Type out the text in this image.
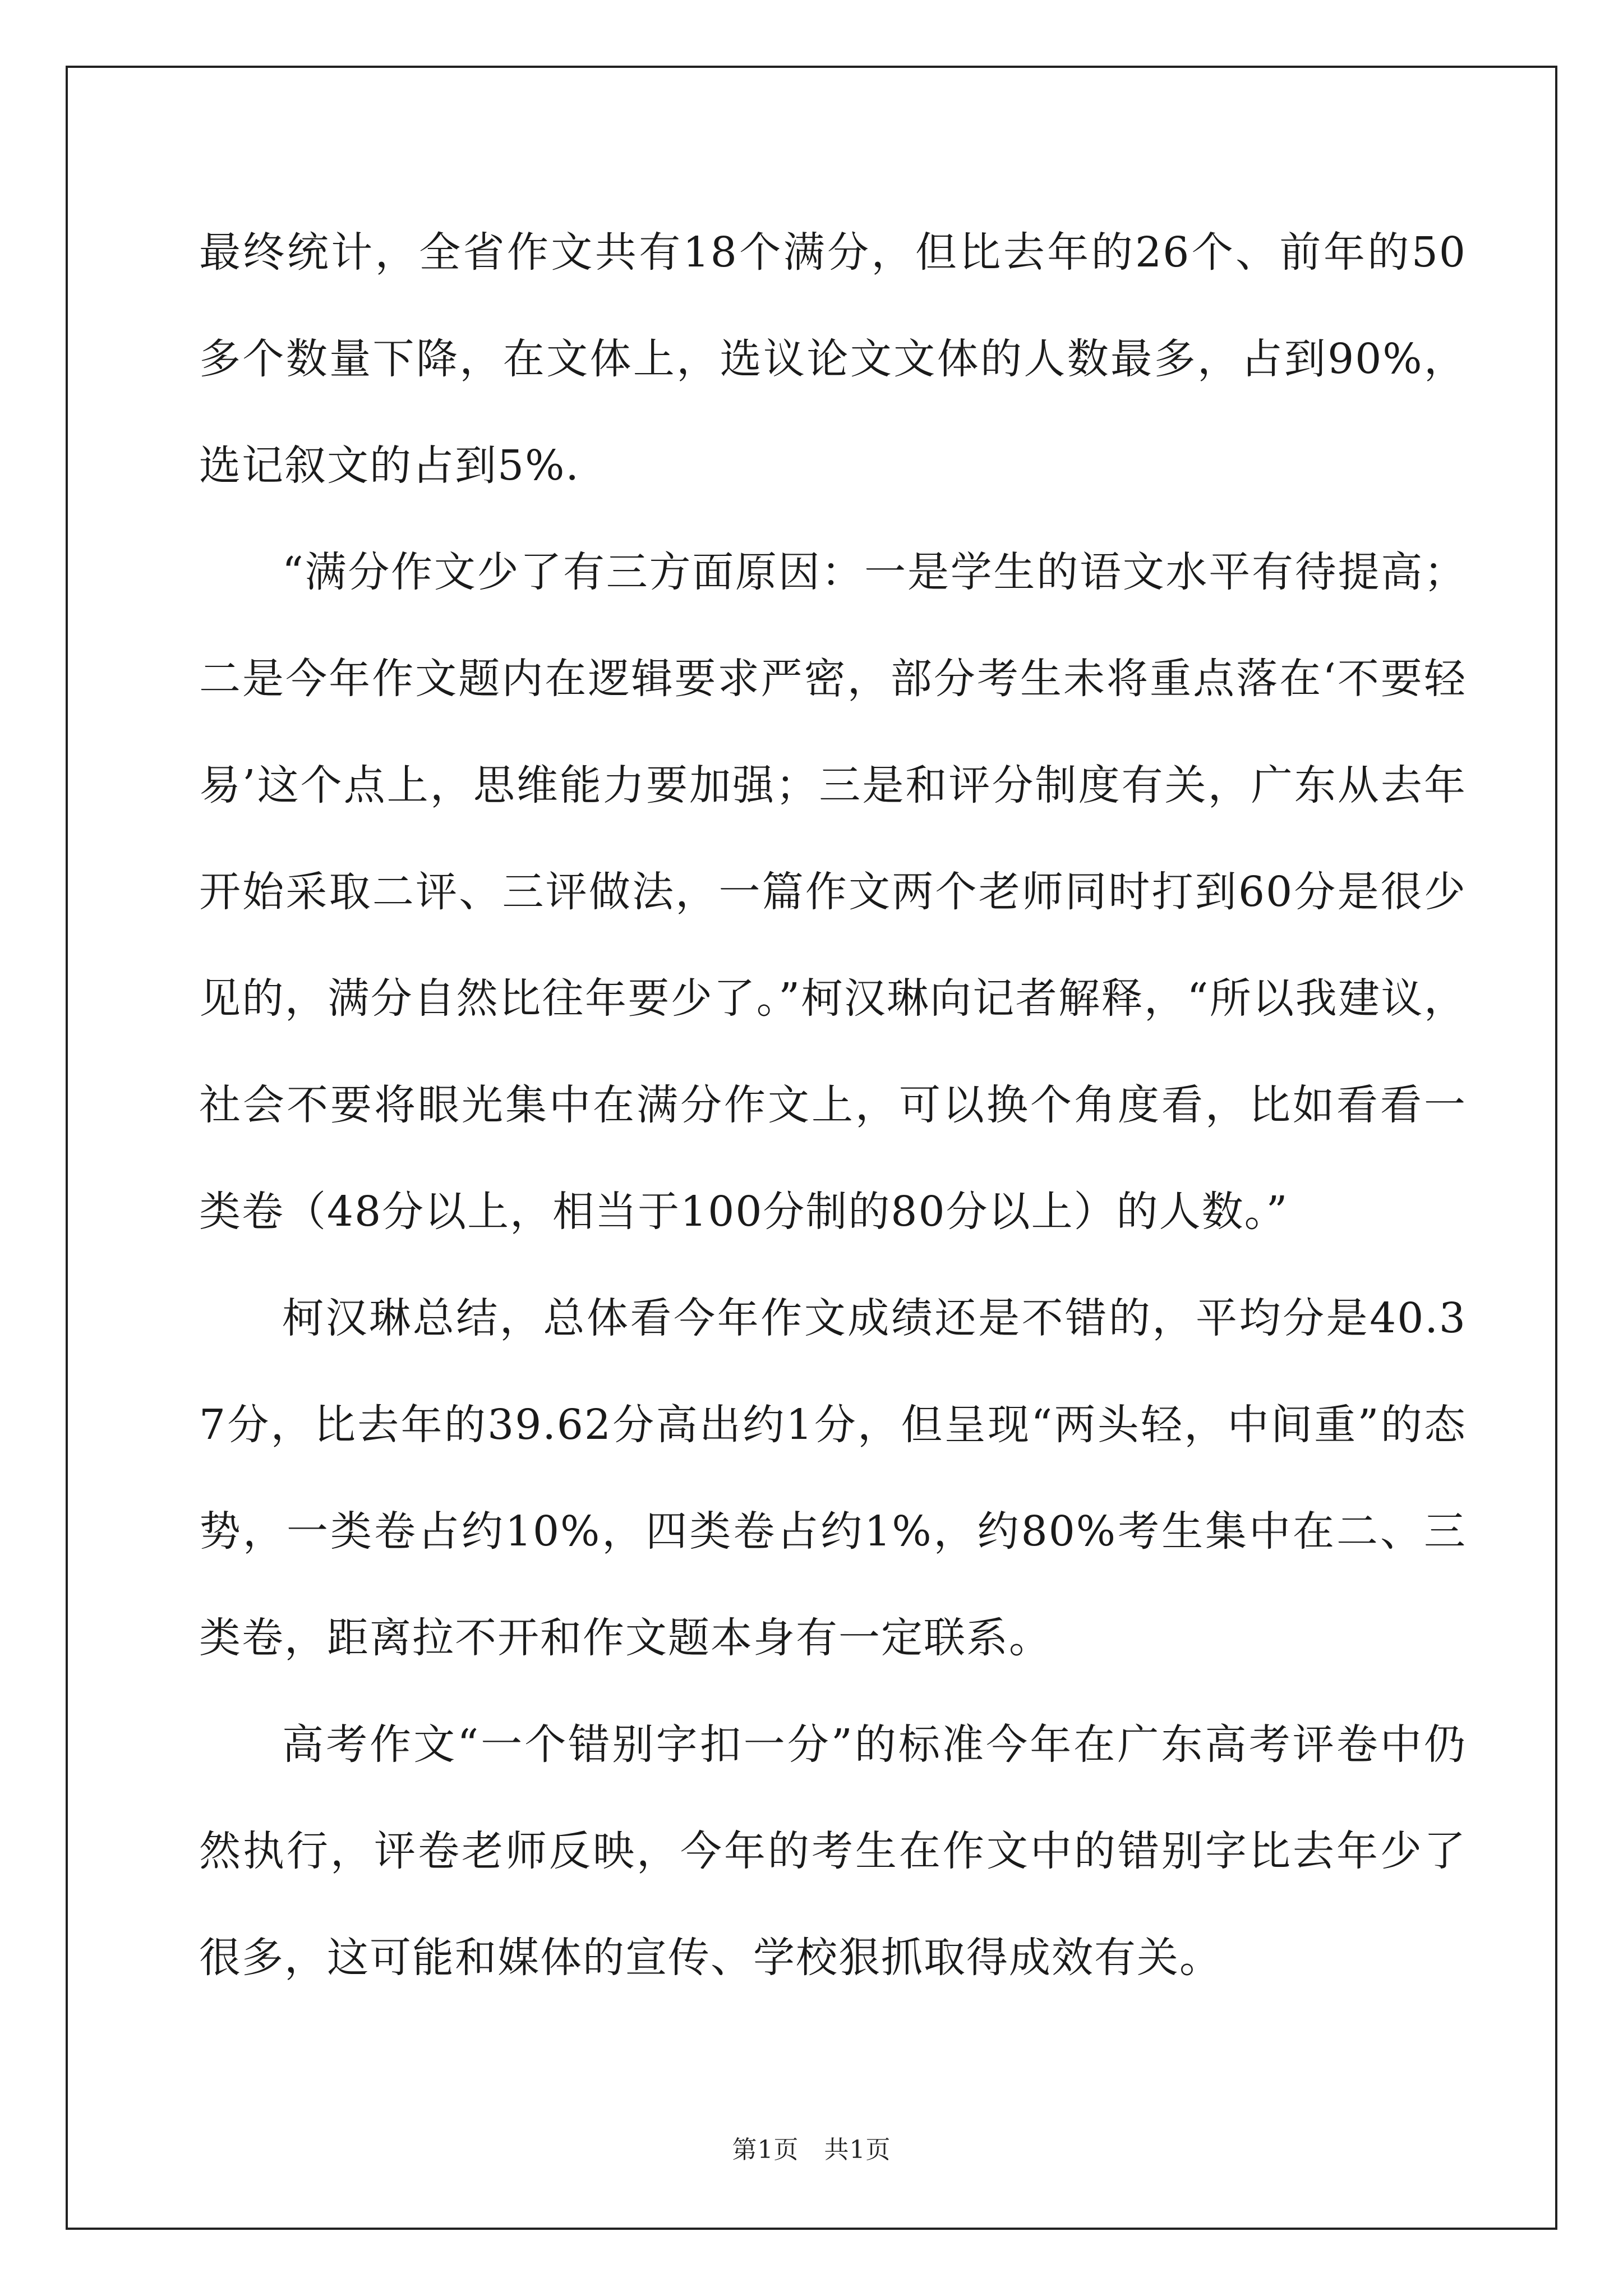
最终统计，全省作文共有18个满分，但比去年的26个、前年的50多个数量下降，在文体上，选议论文文体的人数最多，占到90%，选记叙文的占到5%.

“满分作文少了有三方面原因：一是学生的语文水平有待提高；二是今年作文题内在逻辑要求严密，部分考生未将重点落在‘不要轻易’这个点上，思维能力要加强；三是和评分制度有关，广东从去年开始采取二评、三评做法，一篇作文两个老师同时打到60分是很少见的，满分自然比往年要少了。”柯汉琳向记者解释，“所以我建议，社会不要将眼光集中在满分作文上，可以换个角度看，比如看看一类卷（48分以上，相当于100分制的80分以上）的人数。”

柯汉琳总结，总体看今年作文成绩还是不错的，平均分是40.37分，比去年的39.62分高出约1分，但呈现“两头轻，中间重”的态势，一类卷占约10%，四类卷占约1%，约80%考生集中在二、三类卷，距离拉不开和作文题本身有一定联系。

高考作文“一个错别字扣一分”的标准今年在广东高考评卷中仍然执行，评卷老师反映，今年的考生在作文中的错别字比去年少了很多，这可能和媒体的宣传、学校狠抓取得成效有关。

第1页　共1页
